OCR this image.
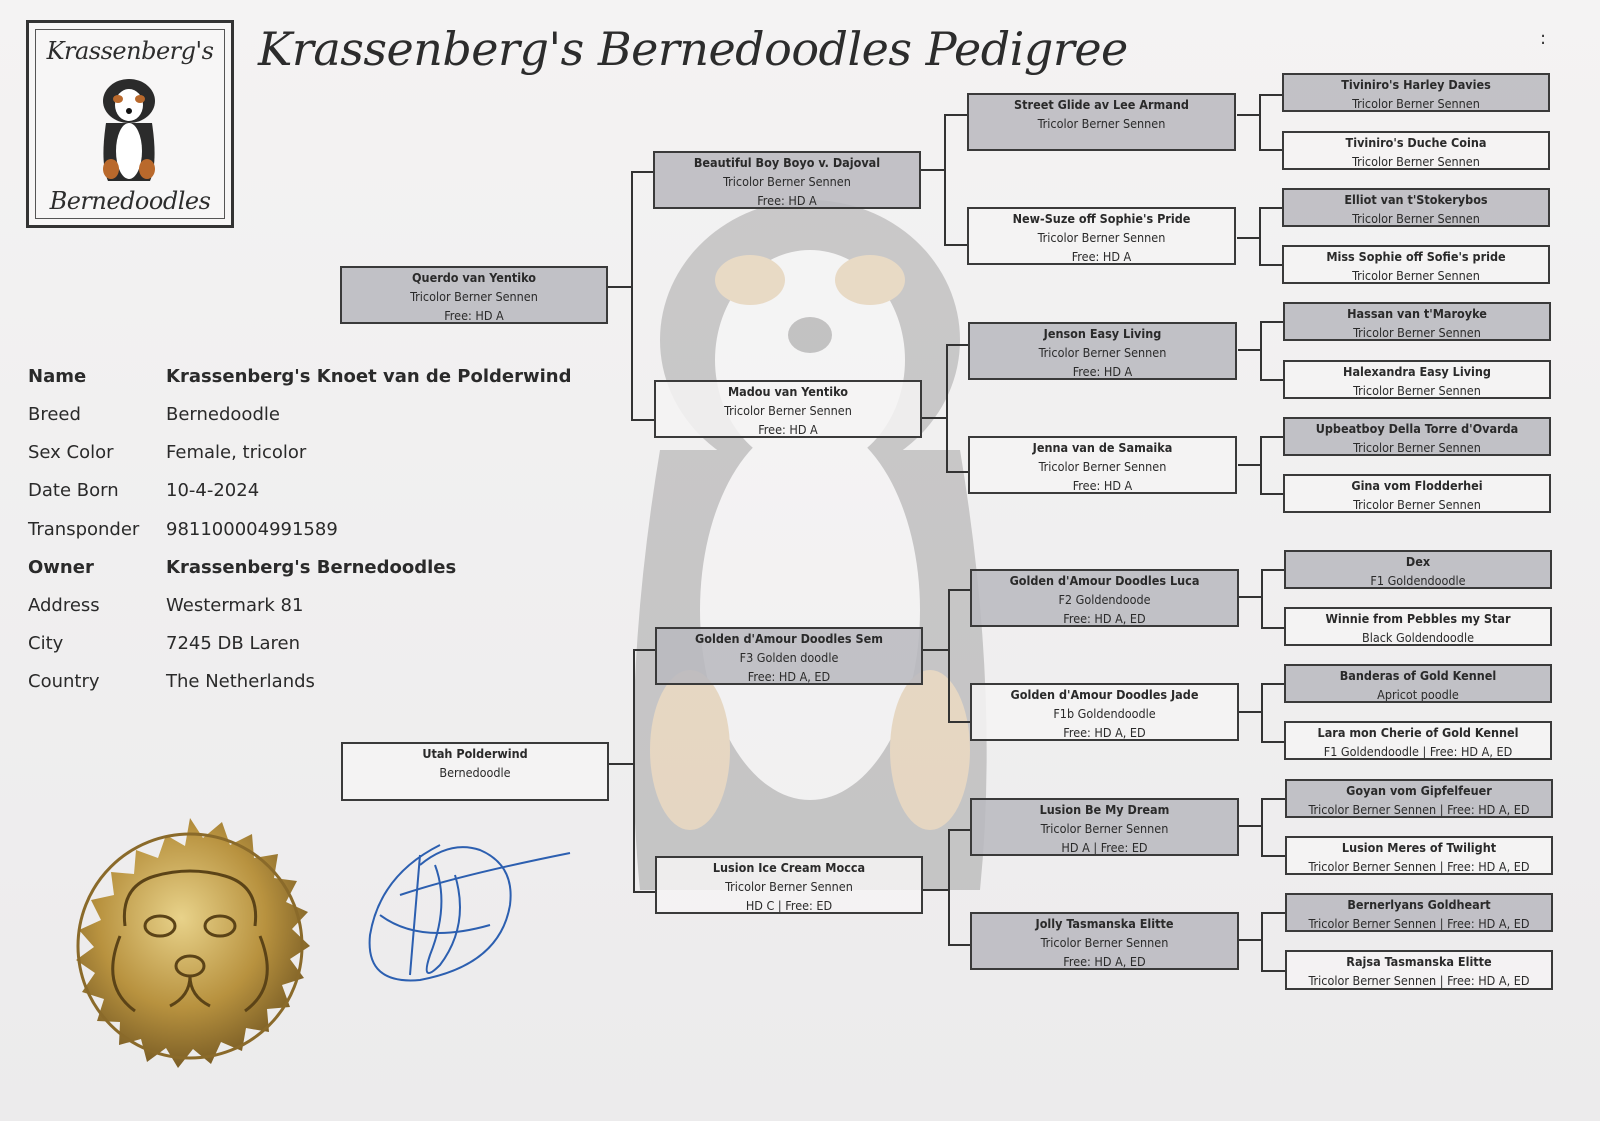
Krassenberg's
Bernedoodles
Krassenberg's Bernedoodles Pedigree	:
Name	Krassenberg's Knoet van de Polderwind
Breed	Bernedoodle
Sex Color	Female, tricolor
Date Born	10-4-2024
Transponder 981100004991589
Owner	Krassenberg's Bernedoodles
Address	Westermark 81
City	7245 DB Laren
Country	The Netherlands
Querdo van Yentiko
Tricolor Berner Sennen
Free: HD A
Utah Polderwind
Bernedoodle
Beautiful Boy Boyo v. Dajoval
Tricolor Berner Sennen
Free: HD A
Madou van Yentiko
Tricolor Berner Sennen
Free: HD A
Golden d'Amour Doodles Sem
F3 Golden doodle
Free: HD A, ED
Lusion Ice Cream Mocca
Tricolor Berner Sennen
HD C | Free: ED
Street Glide av Lee Armand
Tricolor Berner Sennen
New-Suze off Sophie's Pride
Tricolor Berner Sennen
Free: HD A
Jenson Easy Living
Tricolor Berner Sennen
Free: HD A
Jenna van de Samaika
Tricolor Berner Sennen
Free: HD A
Golden d'Amour Doodles Luca
F2 Goldendoode
Free: HD A, ED
Golden d'Amour Doodles Jade
F1b Goldendoodle
Free: HD A, ED
Lusion Be My Dream
Tricolor Berner Sennen
HD A | Free: ED
Jolly Tasmanska Elitte
Tricolor Berner Sennen
Free: HD A, ED
Tiviniro's Harley Davies
Tricolor Berner Sennen
Tiviniro's Duche Coina
Tricolor Berner Sennen
Elliot van t'Stokerybos
Tricolor Berner Sennen
Miss Sophie off Sofie's pride
Tricolor Berner Sennen
Hassan van t'Maroyke
Tricolor Berner Sennen
Halexandra Easy Living
Tricolor Berner Sennen
Upbeatboy Della Torre d'Ovarda
Tricolor Berner Sennen
Gina vom Flodderhei
Tricolor Berner Sennen
Dex
F1 Goldendoodle
Winnie from Pebbles my Star
Black Goldendoodle
Banderas of Gold Kennel
Apricot poodle
Lara mon Cherie of Gold Kennel
F1 Goldendoodle | Free: HD A, ED
Goyan vom Gipfelfeuer
Tricolor Berner Sennen | Free: HD A, ED
Lusion Meres of Twilight
Tricolor Berner Sennen | Free: HD A, ED
Bernerlyans Goldheart
Tricolor Berner Sennen | Free: HD A, ED
Rajsa Tasmanska Elitte
Tricolor Berner Sennen | Free: HD A, ED
